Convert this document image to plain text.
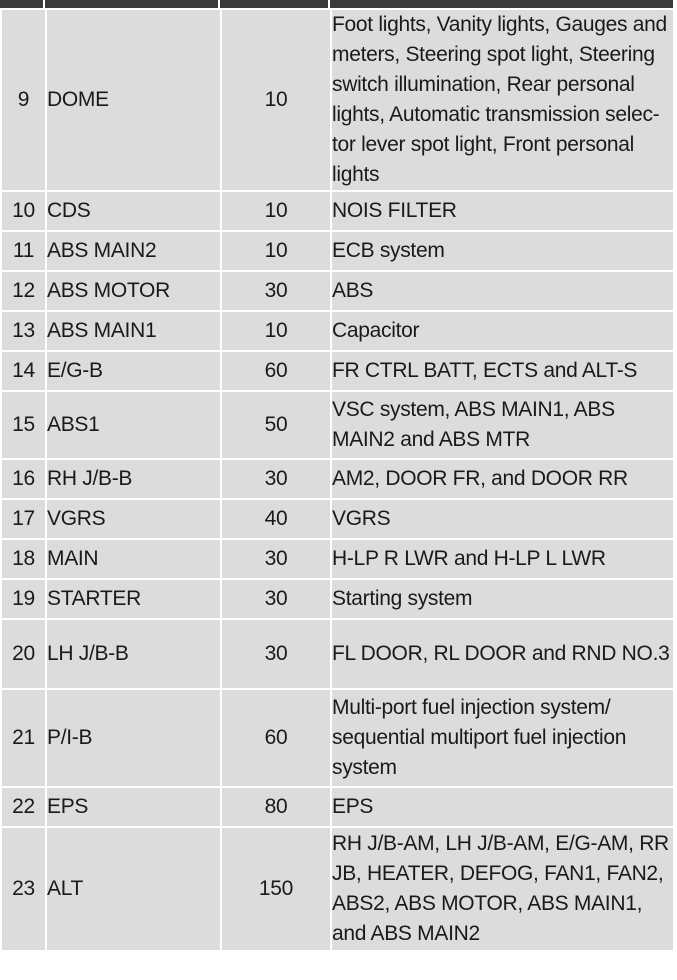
9	DOME	10	Foot lights, Vanity lights, Gauges and meters, Steering spot light, Steering switch illumination, Rear personal lights, Automatic transmission selec-tor lever spot light, Front personal lights
10	CDS	10	NOIS FILTER
11	ABS MAIN2	10	ECB system
12	ABS MOTOR	30	ABS
13	ABS MAIN1	10	Capacitor
14	E/G-B	60	FR CTRL BATT, ECTS and ALT-S
15	ABS1	50	VSC system, ABS MAIN1, ABS MAIN2 and ABS MTR
16	RH J/B-B	30	AM2, DOOR FR, and DOOR RR
17	VGRS	40	VGRS
18	MAIN	30	H-LP R LWR and H-LP L LWR
19	STARTER	30	Starting system
20	LH J/B-B	30	FL DOOR, RL DOOR and RND NO.3
21	P/I-B	60	Multi-port fuel injection system/ sequential multiport fuel injection system
22	EPS	80	EPS
23	ALT	150	RH J/B-AM, LH J/B-AM, E/G-AM, RR JB, HEATER, DEFOG, FAN1, FAN2, ABS2, ABS MOTOR, ABS MAIN1, and ABS MAIN2
